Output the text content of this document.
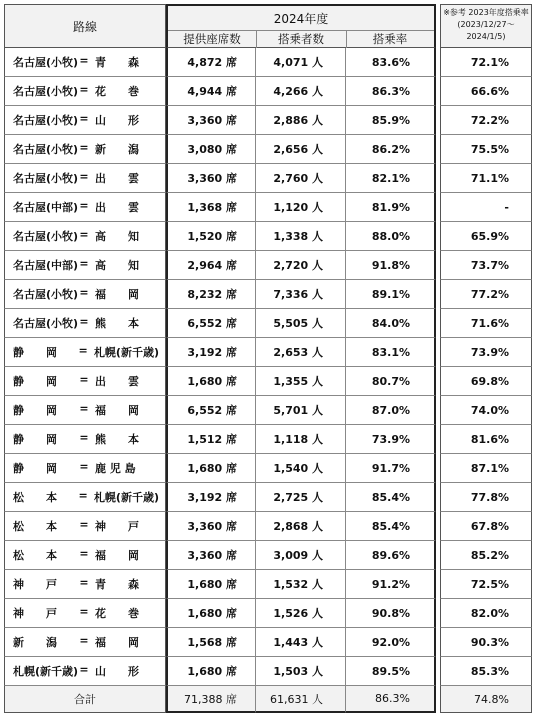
路線
2024年度
提供座席数	搭乗者数	搭乗率
※参考 2023年度搭乗率
(2023/12/27～
2024/1/5)
名古屋(小牧) = 青　　森	4,872 席	4,071 人	83.6%	72.1%
名古屋(小牧) = 花　　巻	4,944 席	4,266 人	86.3%	66.6%
名古屋(小牧) = 山　　形	3,360 席	2,886 人	85.9%	72.2%
名古屋(小牧) = 新　　潟	3,080 席	2,656 人	86.2%	75.5%
名古屋(小牧) = 出　　雲	3,360 席	2,760 人	82.1%	71.1%
名古屋(中部) = 出　　雲	1,368 席	1,120 人	81.9%	-
名古屋(小牧) = 高　　知	1,520 席	1,338 人	88.0%	65.9%
名古屋(中部) = 高　　知	2,964 席	2,720 人	91.8%	73.7%
名古屋(小牧) = 福　　岡	8,232 席	7,336 人	89.1%	77.2%
名古屋(小牧) = 熊　　本	6,552 席	5,505 人	84.0%	71.6%
静　　岡	= 札幌(新千歳)	3,192 席	2,653 人	83.1%	73.9%
静　　岡	= 出　　雲	1,680 席	1,355 人	80.7%	69.8%
静　　岡	= 福　　岡	6,552 席	5,701 人	87.0%	74.0%
静　　岡	= 熊　　本	1,512 席	1,118 人	73.9%	81.6%
静　　岡	= 鹿 児 島	1,680 席	1,540 人	91.7%	87.1%
松　　本	= 札幌(新千歳)	3,192 席	2,725 人	85.4%	77.8%
松　　本	= 神　　戸	3,360 席	2,868 人	85.4%	67.8%
松　　本	= 福　　岡	3,360 席	3,009 人	89.6%	85.2%
神　　戸	= 青　　森	1,680 席	1,532 人	91.2%	72.5%
神　　戸	= 花　　巻	1,680 席	1,526 人	90.8%	82.0%
新　　潟	= 福　　岡	1,568 席	1,443 人	92.0%	90.3%
札幌(新千歳) = 山　　形	1,680 席	1,503 人	89.5%	85.3%
合計	71,388 席	61,631 人	86.3%	74.8%
